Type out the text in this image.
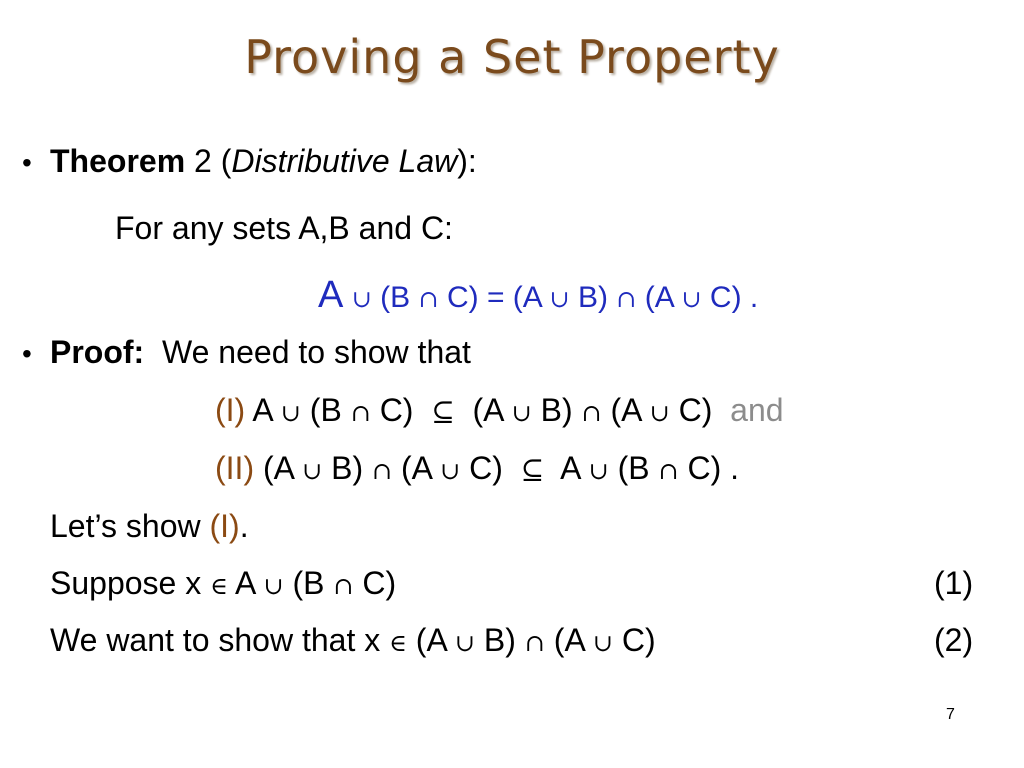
Proving a Set Property
• Theorem 2 (Distributive Law):
For any sets A,B and C:
A ∪ (B ∩ C) = (A ∪ B) ∩ (A ∪ C) .
• Proof: We need to show that
(I) A ∪ (B ∩ C) ⊆ (A ∪ B) ∩ (A ∪ C) and
(II) (A ∪ B) ∩ (A ∪ C) ⊆ A ∪ (B ∩ C) .
Let’s show (I).
Suppose x ∈ A ∪ (B ∩ C)	(1)
We want to show that x ∈ (A ∪ B) ∩ (A ∪ C)	(2)
7
